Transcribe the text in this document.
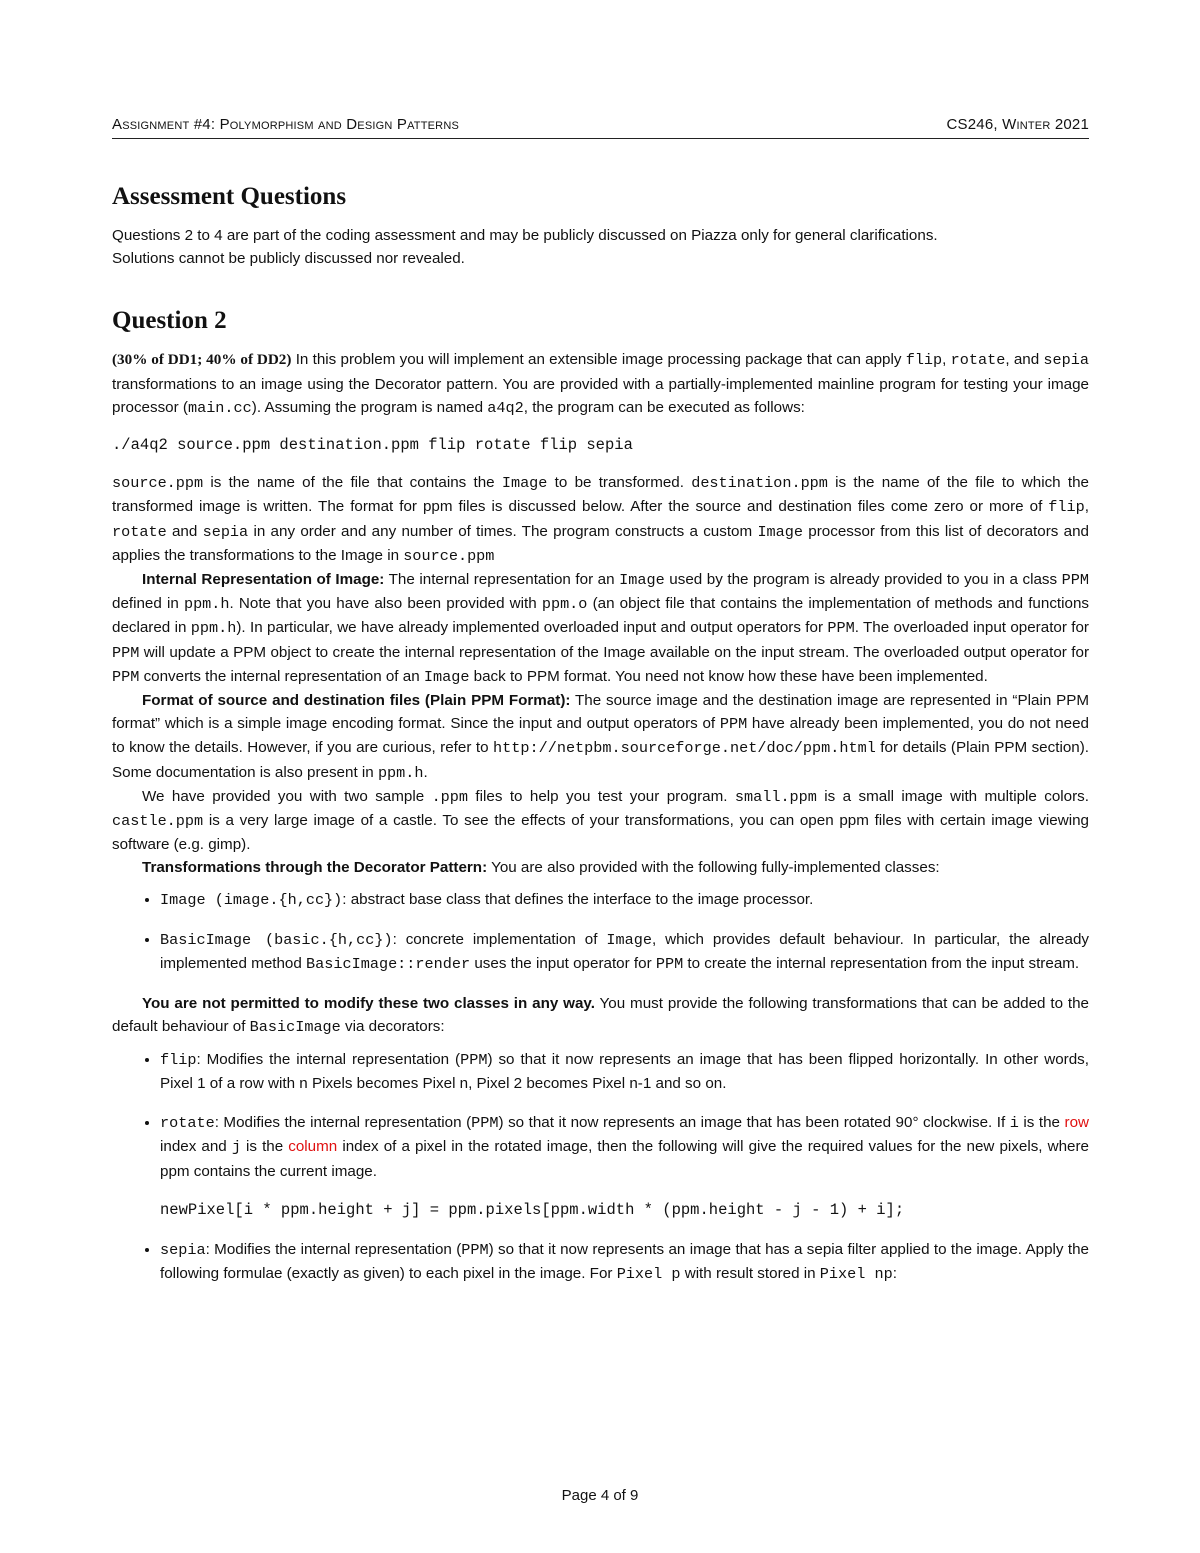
Assignment #4: Polymorphism and Design Patterns	CS246, Winter 2021
Assessment Questions

Questions 2 to 4 are part of the coding assessment and may be publicly discussed on Piazza only for general clarifications.
Solutions cannot be publicly discussed nor revealed.

Question 2

(30% of DD1; 40% of DD2) In this problem you will implement an extensible image processing package that can apply flip, rotate, and sepia transformations to an image using the Decorator pattern. You are provided with a partially-implemented mainline program for testing your image processor (main.cc). Assuming the program is named a4q2, the program can be executed as follows:

./a4q2 source.ppm destination.ppm flip rotate flip sepia

source.ppm is the name of the file that contains the Image to be transformed. destination.ppm is the name of the file to which the transformed image is written. The format for ppm files is discussed below. After the source and destination files come zero or more of flip, rotate and sepia in any order and any number of times. The program constructs a custom Image processor from this list of decorators and applies the transformations to the Image in source.ppm

Internal Representation of Image: The internal representation for an Image used by the program is already provided to you in a class PPM defined in ppm.h. Note that you have also been provided with ppm.o (an object file that contains the implementation of methods and functions declared in ppm.h). In particular, we have already implemented overloaded input and output operators for PPM. The overloaded input operator for PPM will update a PPM object to create the internal representation of the Image available on the input stream. The overloaded output operator for PPM converts the internal representation of an Image back to PPM format. You need not know how these have been implemented.

Format of source and destination files (Plain PPM Format): The source image and the destination image are represented in “Plain PPM format” which is a simple image encoding format. Since the input and output operators of PPM have already been implemented, you do not need to know the details. However, if you are curious, refer to http://netpbm.sourceforge.net/doc/ppm.html for details (Plain PPM section). Some documentation is also present in ppm.h.

We have provided you with two sample .ppm files to help you test your program. small.ppm is a small image with multiple colors. castle.ppm is a very large image of a castle. To see the effects of your transformations, you can open ppm files with certain image viewing software (e.g. gimp).

Transformations through the Decorator Pattern: You are also provided with the following fully-implemented classes:

• Image (image.{h,cc}): abstract base class that defines the interface to the image processor.
• BasicImage (basic.{h,cc}): concrete implementation of Image, which provides default behaviour. In particular, the already implemented method BasicImage::render uses the input operator for PPM to create the internal representation from the input stream.

You are not permitted to modify these two classes in any way. You must provide the following transformations that can be added to the default behaviour of BasicImage via decorators:

• flip: Modifies the internal representation (PPM) so that it now represents an image that has been flipped horizontally. In other words, Pixel 1 of a row with n Pixels becomes Pixel n, Pixel 2 becomes Pixel n-1 and so on.
• rotate: Modifies the internal representation (PPM) so that it now represents an image that has been rotated 90° clockwise. If i is the row index and j is the column index of a pixel in the rotated image, then the following will give the required values for the new pixels, where ppm contains the current image.
newPixel[i * ppm.height + j] = ppm.pixels[ppm.width * (ppm.height - j - 1) + i];
• sepia: Modifies the internal representation (PPM) so that it now represents an image that has a sepia filter applied to the image. Apply the following formulae (exactly as given) to each pixel in the image. For Pixel p with result stored in Pixel np:
Page 4 of 9
